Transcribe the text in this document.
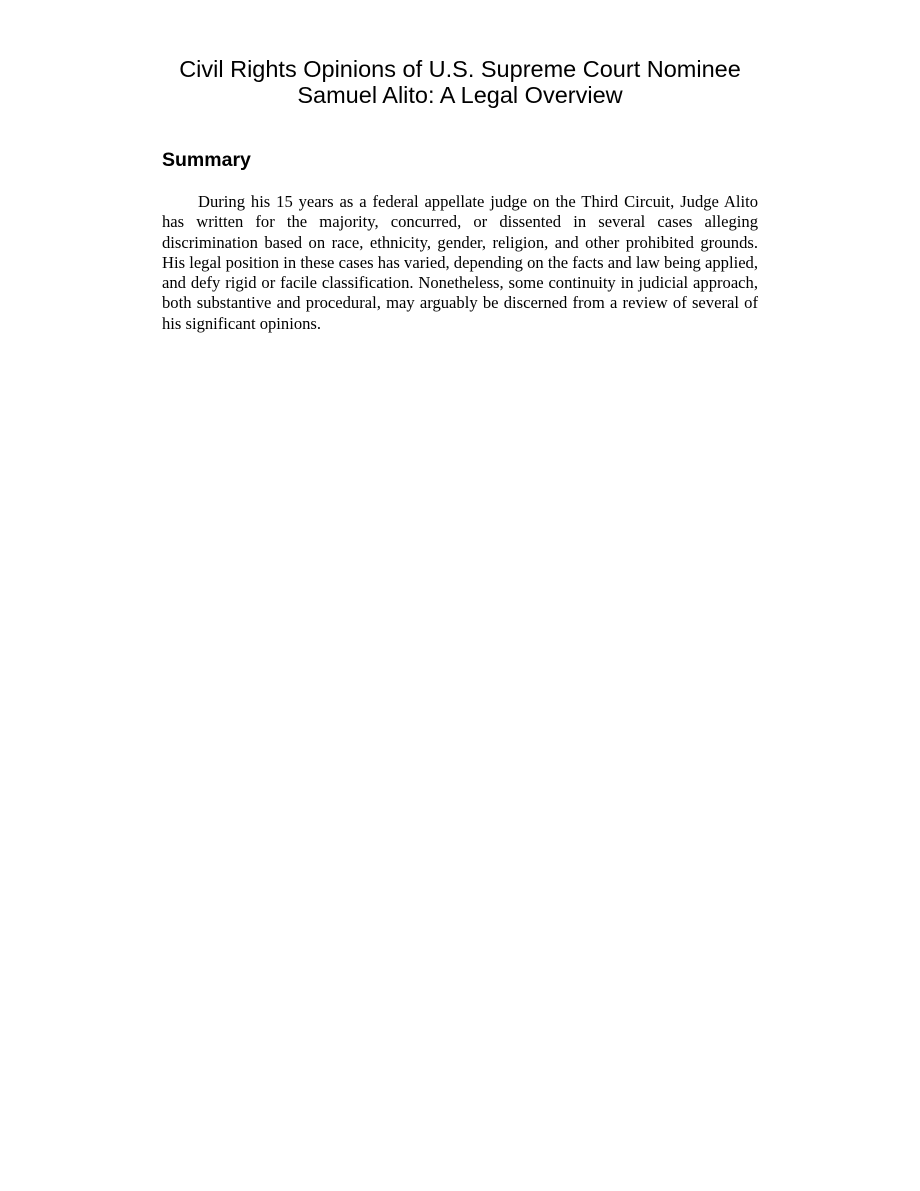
Civil Rights Opinions of U.S. Supreme Court Nominee
Samuel Alito: A Legal Overview
Summary

During his 15 years as a federal appellate judge on the Third Circuit, Judge Alito has written for the majority, concurred, or dissented in several cases alleging discrimination based on race, ethnicity, gender, religion, and other prohibited grounds. His legal position in these cases has varied, depending on the facts and law being applied, and defy rigid or facile classification. Nonetheless, some continuity in judicial approach, both substantive and procedural, may arguably be discerned from a review of several of his significant opinions.
